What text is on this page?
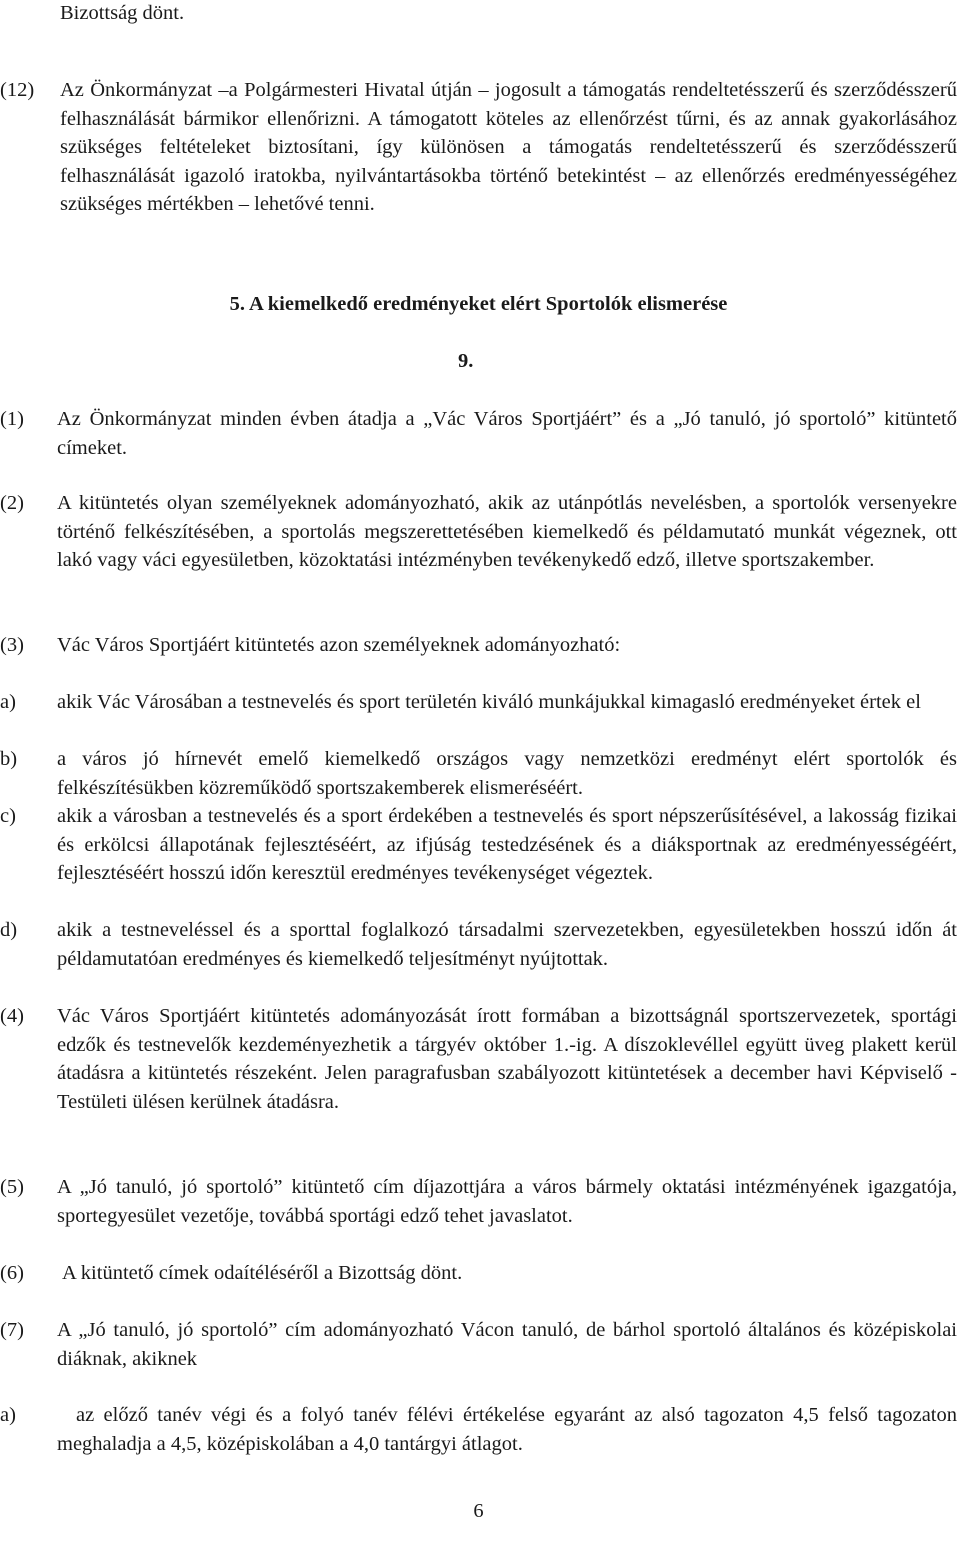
Bizottság dönt.
(12)	Az Önkormányzat –a Polgármesteri Hivatal útján – jogosult a támogatás rendeltetésszerű és szerződésszerű felhasználását bármikor ellenőrizni. A támogatott köteles az ellenőrzést tűrni, és az annak gyakorlásához szükséges feltételeket biztosítani, így különösen a támogatás rendeltetésszerű és szerződésszerű felhasználását igazoló iratokba, nyilvántartásokba történő betekintést – az ellenőrzés eredményességéhez szükséges mértékben – lehetővé tenni.
5. A kiemelkedő eredményeket elért Sportolók elismerése
9.
(1)	Az Önkormányzat minden évben átadja a „Vác Város Sportjáért” és a „Jó tanuló, jó sportoló” kitüntető címeket.
(2)	A kitüntetés olyan személyeknek adományozható, akik az utánpótlás nevelésben, a sportolók versenyekre történő felkészítésében, a sportolás megszerettetésében kiemelkedő és példamutató munkát végeznek, ott lakó vagy váci egyesületben, közoktatási intézményben tevékenykedő edző, illetve sportszakember.
(3)	Vác Város Sportjáért kitüntetés azon személyeknek adományozható:
a)	akik Vác Városában a testnevelés és sport területén kiváló munkájukkal kimagasló eredményeket értek el
b)	a város jó hírnevét emelő kiemelkedő országos vagy nemzetközi eredményt elért sportolók és felkészítésükben közreműködő sportszakemberek elismeréséért.
c)	akik a városban a testnevelés és a sport érdekében a testnevelés és sport népszerűsítésével, a lakosság fizikai és erkölcsi állapotának fejlesztéséért, az ifjúság testedzésének és a diáksportnak az eredményességéért, fejlesztéséért hosszú időn keresztül eredményes tevékenységet végeztek.
d)	akik a testneveléssel és a sporttal foglalkozó társadalmi szervezetekben, egyesületekben hosszú időn át példamutatóan eredményes és kiemelkedő teljesítményt nyújtottak.
(4)	Vác Város Sportjáért kitüntetés adományozását írott formában a bizottságnál sportszervezetek, sportági edzők és testnevelők kezdeményezhetik a tárgyév október 1.-ig. A díszoklevéllel együtt üveg plakett kerül átadásra a kitüntetés részeként. Jelen paragrafusban szabályozott kitüntetések a december havi Képviselő - Testületi ülésen kerülnek átadásra.
(5)	A „Jó tanuló, jó sportoló” kitüntető cím díjazottjára a város bármely oktatási intézményének igazgatója, sportegyesület vezetője, továbbá sportági edző tehet javaslatot.
(6)	A kitüntető címek odaítéléséről a Bizottság dönt.
(7)	A „Jó tanuló, jó sportoló” cím adományozható Vácon tanuló, de bárhol sportoló általános és középiskolai diáknak, akiknek
a)	az előző tanév végi és a folyó tanév félévi értékelése egyaránt az alsó tagozaton 4,5 felső tagozaton meghaladja a 4,5, középiskolában a 4,0 tantárgyi átlagot.
6
